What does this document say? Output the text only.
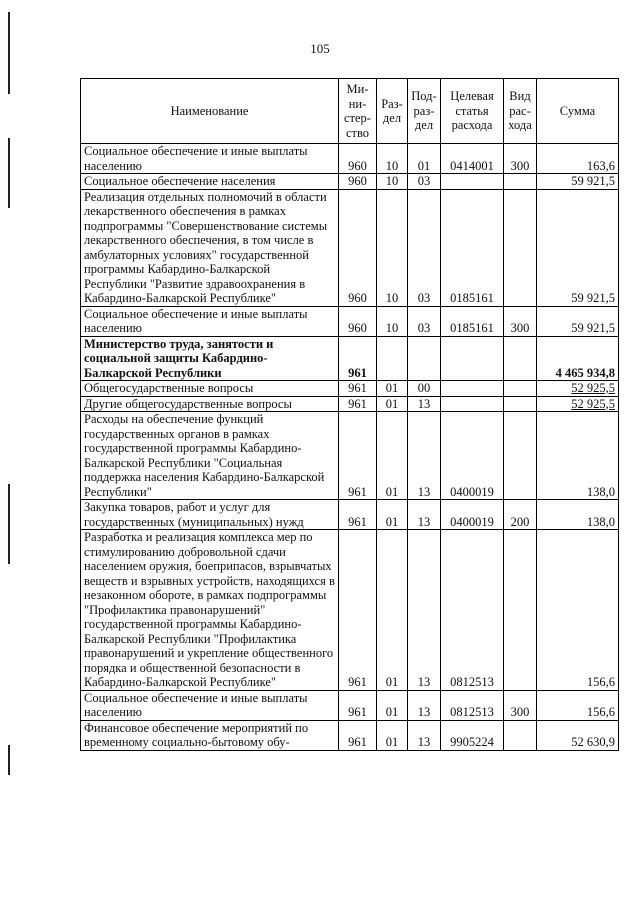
105
Наименование	Ми-ни-стер-ство	Раз-дел	Под-раз-дел	Целевая статья расхода	Вид рас-хода	Сумма
Социальное обеспечение и иные выплаты населению	960	10	01	0414001	300	163,6
Социальное обеспечение населения	960	10	03			59 921,5
Реализация отдельных полномочий в области лекарственного обеспечения в рамках подпрограммы "Совершенствование системы лекарственного обеспечения, в том числе в амбулаторных условиях" государственной программы Кабардино-Балкарской Республики "Развитие здравоохранения в Кабардино-Балкарской Республике"	960	10	03	0185161		59 921,5
Социальное обеспечение и иные выплаты населению	960	10	03	0185161	300	59 921,5
Министерство труда, занятости и социальной защиты Кабардино-Балкарской Республики	961					4 465 934,8
Общегосударственные вопросы	961	01	00			52 925,5
Другие общегосударственные вопросы	961	01	13			52 925,5
Расходы на обеспечение функций государственных органов в рамках государственной программы Кабардино-Балкарской Республики "Социальная поддержка населения Кабардино-Балкарской Республики"	961	01	13	0400019		138,0
Закупка товаров, работ и услуг для государственных (муниципальных) нужд	961	01	13	0400019	200	138,0
Разработка и реализация комплекса мер по стимулированию добровольной сдачи населением оружия, боеприпасов, взрывчатых веществ и взрывных устройств, находящихся в незаконном обороте, в рамках подпрограммы "Профилактика правонарушений" государственной программы Кабардино-Балкарской Республики "Профилактика правонарушений и укрепление общественного порядка и общественной безопасности в Кабардино-Балкарской Республике"	961	01	13	0812513		156,6
Социальное обеспечение и иные выплаты населению	961	01	13	0812513	300	156,6
Финансовое обеспечение мероприятий по временному социально-бытовому обу-	961	01	13	9905224		52 630,9
